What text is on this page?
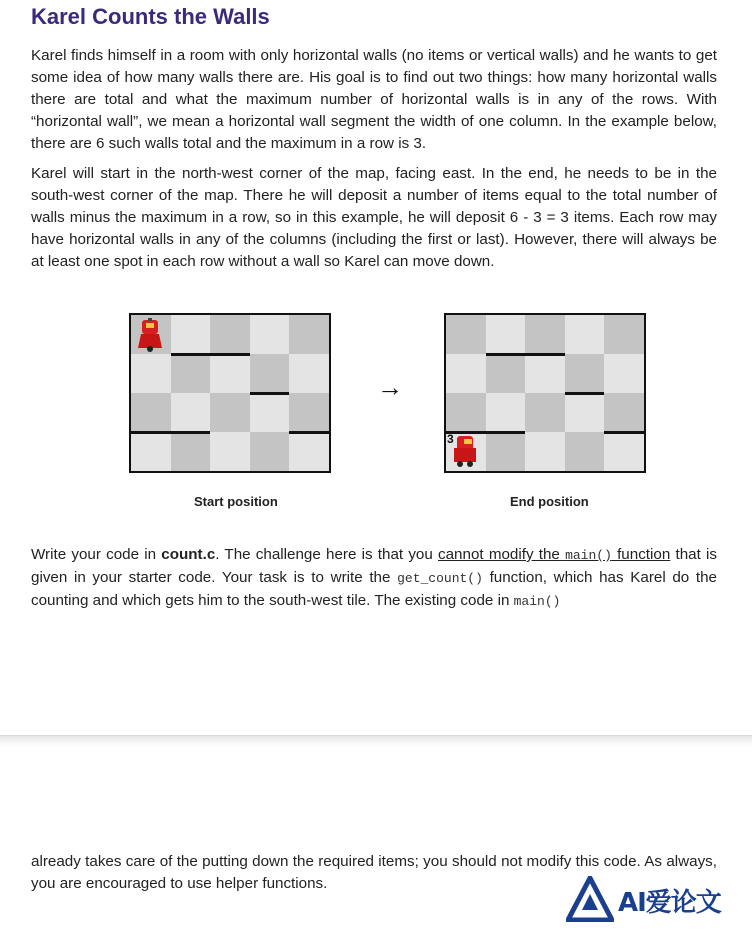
Karel Counts the Walls

Karel finds himself in a room with only horizontal walls (no items or vertical walls) and he wants to get some idea of how many walls there are. His goal is to find out two things: how many horizontal walls there are total and what the maximum number of horizontal walls is in any of the rows. With “horizontal wall”, we mean a horizontal wall segment the width of one column. In the example below, there are 6 such walls total and the maximum in a row is 3.

Karel will start in the north-west corner of the map, facing east. In the end, he needs to be in the south-west corner of the map. There he will deposit a number of items equal to the total number of walls minus the maximum in a row, so in this example, he will deposit 6 - 3 = 3 items. Each row may have horizontal walls in any of the columns (including the first or last). However, there will always be at least one spot in each row without a wall so Karel can move down.

→
Start position	End position
3

Write your code in count.c. The challenge here is that you cannot modify the main() function that is given in your starter code. Your task is to write the get_count() function, which has Karel do the counting and which gets him to the south-west tile. The existing code in main()

already takes care of the putting down the required items; you should not modify this code. As always, you are encouraged to use helper functions.

AI爱论文
